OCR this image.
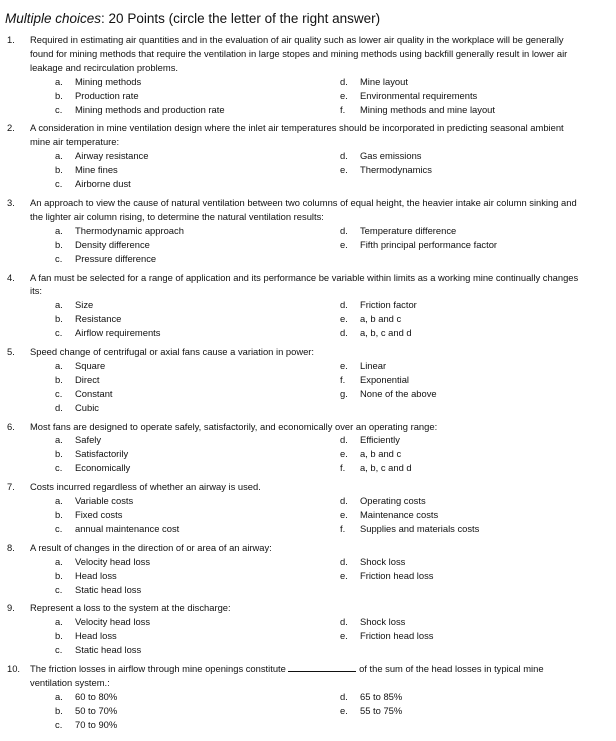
Multiple choices: 20 Points (circle the letter of the right answer)
1.	Required in estimating air quantities and in the evaluation of air quality such as lower air quality in the workplace will be generally found for mining methods that require the ventilation in large stopes and mining methods using backfill generally result in lower air leakage and recirculation problems.
a.	Mining methods	d.	Mine layout
b.	Production rate	e.	Environmental requirements
c.	Mining methods and production rate	f.	Mining methods and mine layout
2.	A consideration in mine ventilation design where the inlet air temperatures should be incorporated in predicting seasonal ambient mine air temperature:
a.	Airway resistance	d.	Gas emissions
b.	Mine fines	e.	Thermodynamics
c.	Airborne dust
3.	An approach to view the cause of natural ventilation between two columns of equal height, the heavier intake air column sinking and the lighter air column rising, to determine the natural ventilation results:
a.	Thermodynamic approach	d.	Temperature difference
b.	Density difference	e.	Fifth principal performance factor
c.	Pressure difference
4.	A fan must be selected for a range of application and its performance be variable within limits as a working mine continually changes its:
a.	Size	d.	Friction factor
b.	Resistance	e.	a, b and c
c.	Airflow requirements	d.	a, b, c and d
5.	Speed change of centrifugal or axial fans cause a variation in power:
a.	Square	e.	Linear
b.	Direct	f.	Exponential
c.	Constant	g.	None of the above
d.	Cubic
6.	Most fans are designed to operate safely, satisfactorily, and economically over an operating range:
a.	Safely	d.	Efficiently
b.	Satisfactorily	e.	a, b and c
c.	Economically	f.	a, b, c and d
7.	Costs incurred regardless of whether an airway is used.
a.	Variable costs	d.	Operating costs
b.	Fixed costs	e.	Maintenance costs
c.	annual maintenance cost	f.	Supplies and materials costs
8.	A result of changes in the direction of or area of an airway:
a.	Velocity head loss	d.	Shock loss
b.	Head loss	e.	Friction head loss
c.	Static head loss
9.	Represent a loss to the system at the discharge:
a.	Velocity head loss	d.	Shock loss
b.	Head loss	e.	Friction head loss
c.	Static head loss
10.	The friction losses in airflow through mine openings constitute	of the sum of the head losses in typical mine ventilation system.:
a.	60 to 80%	d.	65 to 85%
b.	50 to 70%	e.	55 to 75%
c.	70 to 90%
